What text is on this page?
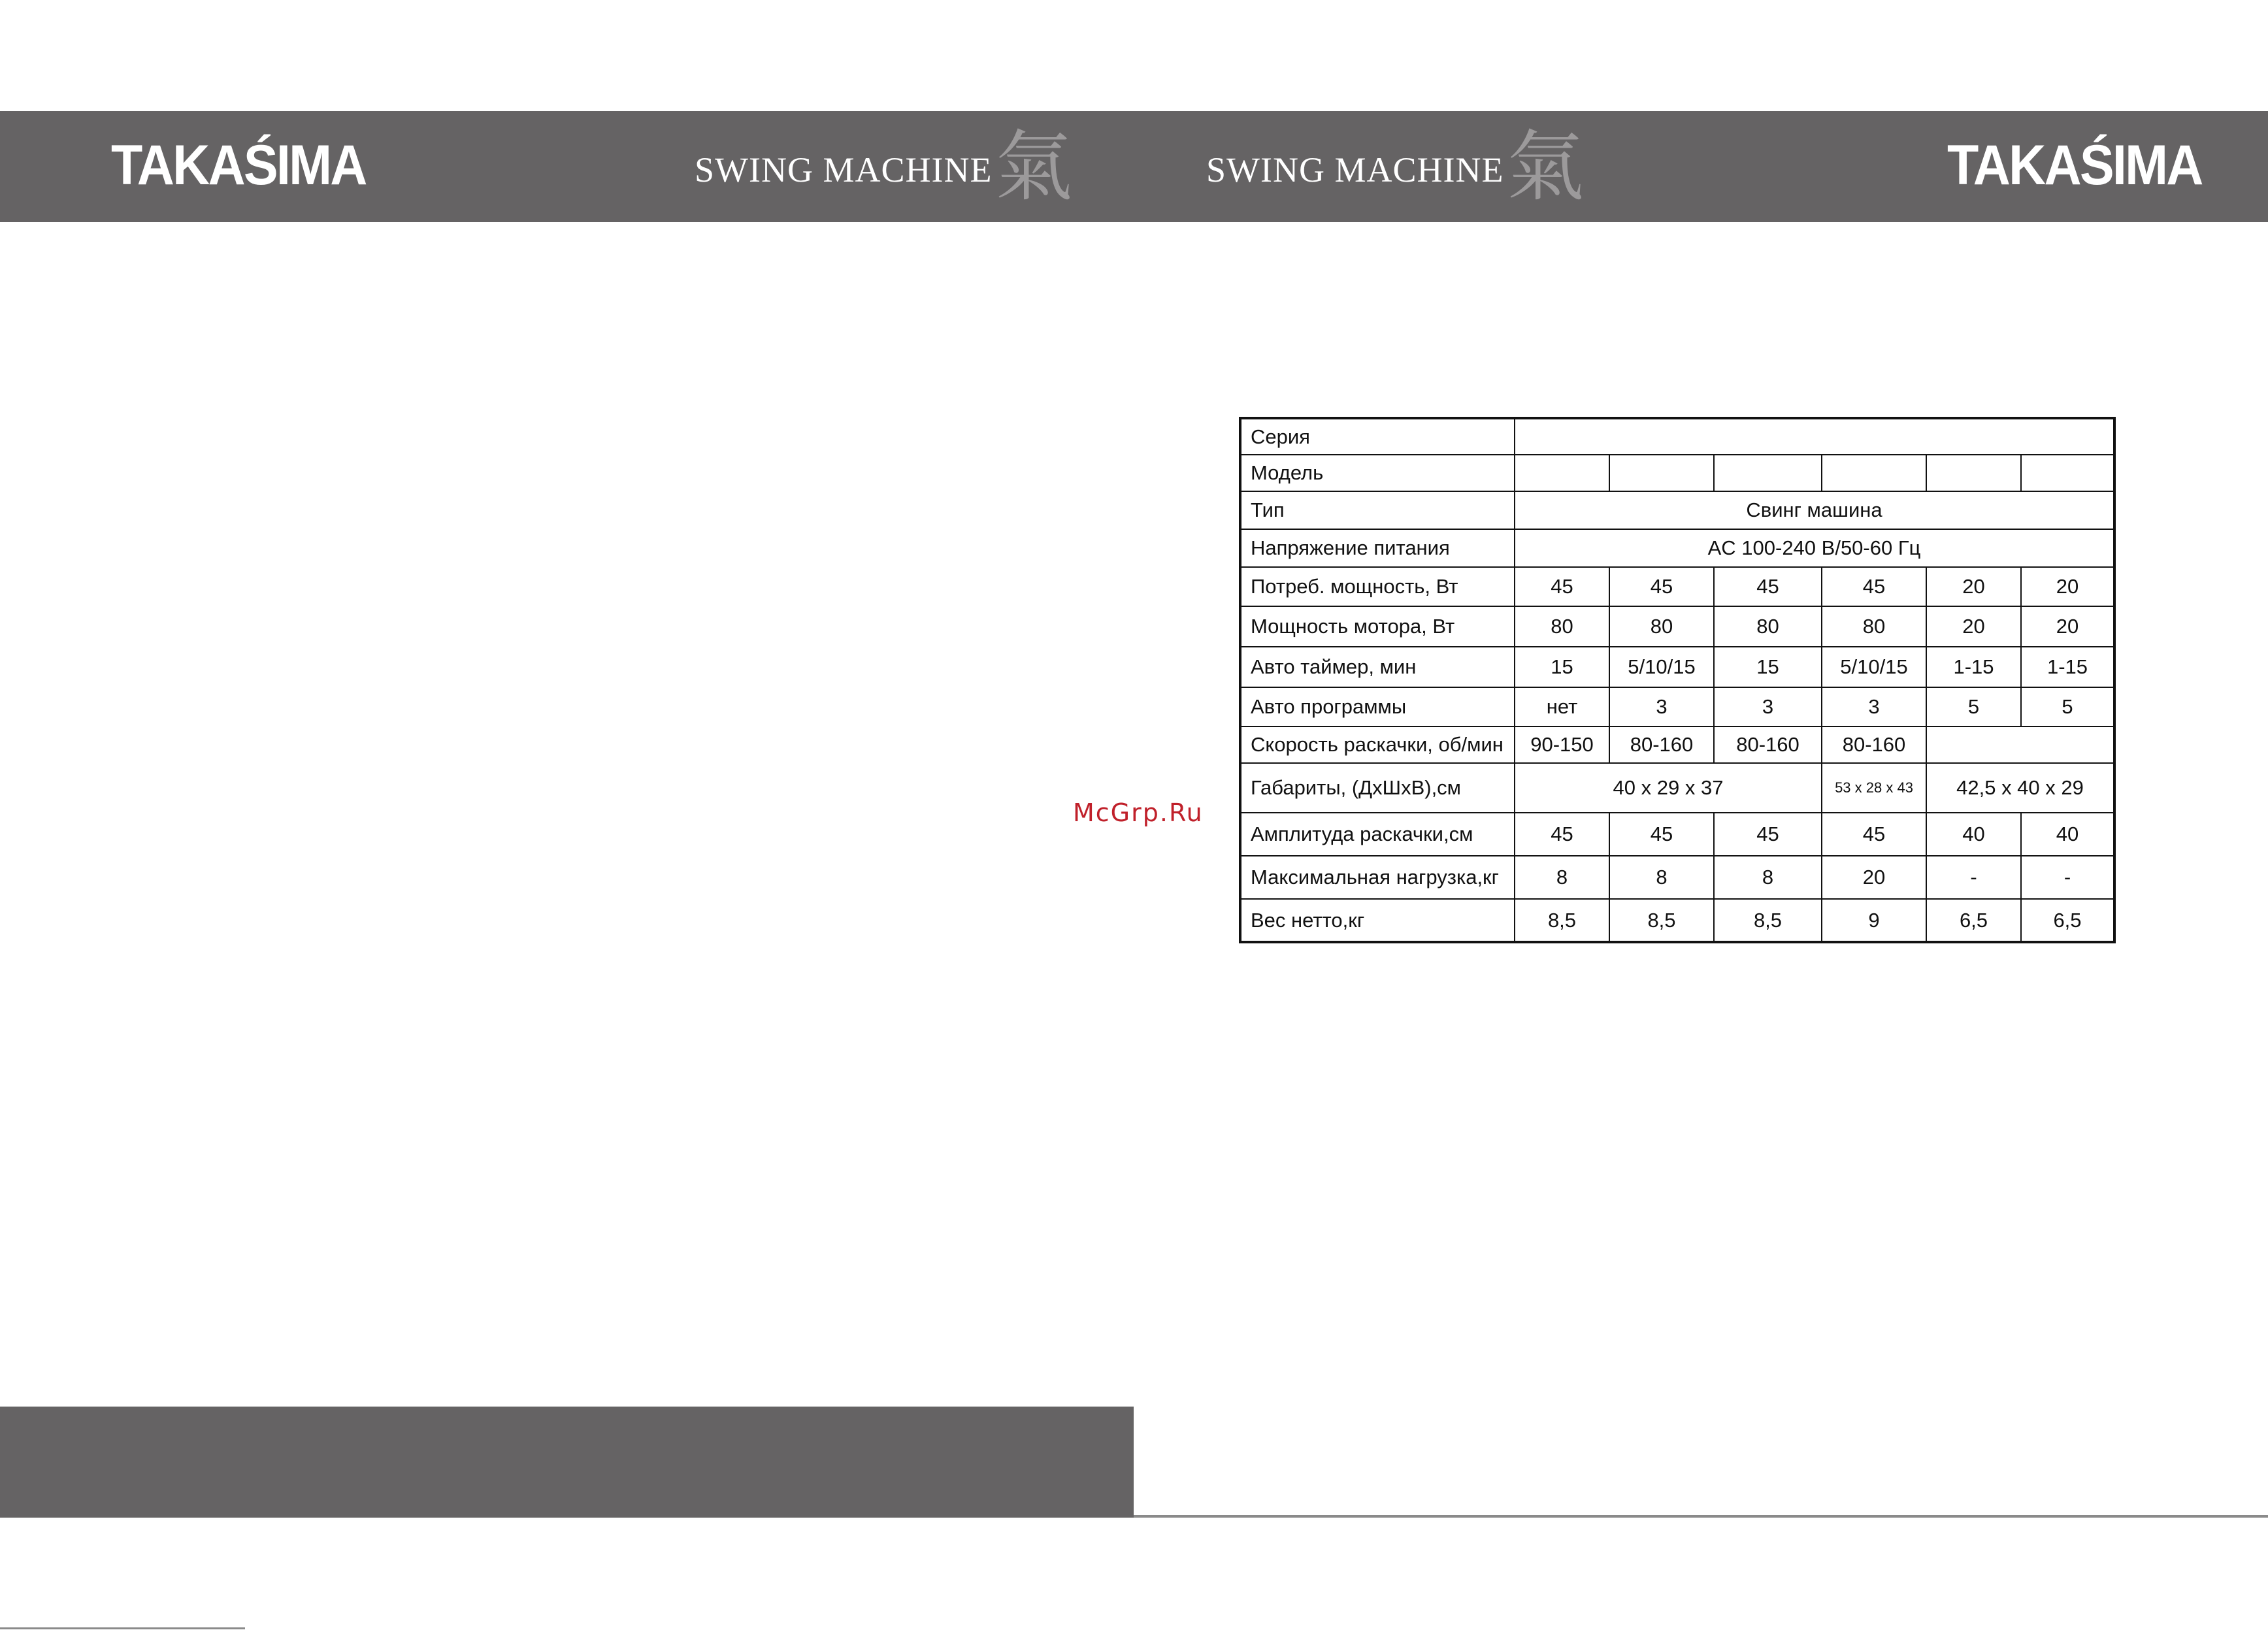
TAKAŚIMA	SWING MACHINE 氣	SWING MACHINE 氣	TAKAŚIMA
McGrp.Ru
Серия						
Модель						
Тип	Свинг машина					
Напряжение питания	AC 100-240 В/50-60 Гц					
Потреб. мощность, Вт	45	45	45	45	20	20
Мощность мотора, Вт	80	80	80	80	20	20
Авто таймер, мин	15	5/10/15	15	5/10/15	1-15	1-15
Авто программы	нет	3	3	3	5	5
Скорость раскачки, об/мин	90-150	80-160	80-160	80-160		
Габариты, (ДхШхВ),см	40 x 29 x 37			53 x 28 x 43	42,5 x 40 x 29	
Амплитуда раскачки,см	45	45	45	45	40	40
Максимальная нагрузка,кг	8	8	8	20	-	-
Вес нетто,кг	8,5	8,5	8,5	9	6,5	6,5
